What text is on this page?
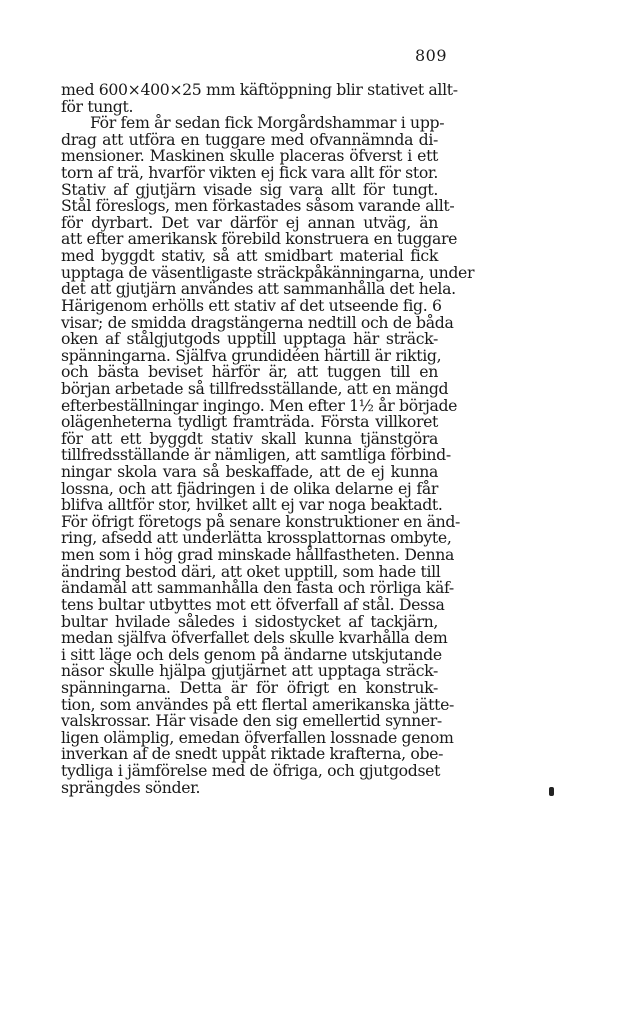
809
med 600×400×25 mm käftöppning blir stativet allt-
för tungt.
För fem år sedan fick Morgårdshammar i upp-
drag att utföra en tuggare med ofvannämnda di-
mensioner. Maskinen skulle placeras öfverst i ett
torn af trä, hvarför vikten ej fick vara allt för stor.
Stativ af gjutjärn visade sig vara allt för tungt.
Stål föreslogs, men förkastades såsom varande allt-
för dyrbart. Det var därför ej annan utväg, än
att efter amerikansk förebild konstruera en tuggare
med byggdt stativ, så att smidbart material fick
upptaga de väsentligaste sträckpåkänningarna, under
det att gjutjärn användes att sammanhålla det hela.
Härigenom erhölls ett stativ af det utseende fig. 6
visar; de smidda dragstängerna nedtill och de båda
oken af stålgjutgods upptill upptaga här sträck-
spänningarna. Själfva grundidéen härtill är riktig,
och bästa beviset härför är, att tuggen till en
början arbetade så tillfredsställande, att en mängd
efterbeställningar ingingo. Men efter 1½ år började
olägenheterna tydligt framträda. Första villkoret
för att ett byggdt stativ skall kunna tjänstgöra
tillfredsställande är nämligen, att samtliga förbind-
ningar skola vara så beskaffade, att de ej kunna
lossna, och att fjädringen i de olika delarne ej får
blifva alltför stor, hvilket allt ej var noga beaktadt.
För öfrigt företogs på senare konstruktioner en änd-
ring, afsedd att underlätta krossplattornas ombyte,
men som i hög grad minskade hållfastheten. Denna
ändring bestod däri, att oket upptill, som hade till
ändamål att sammanhålla den fasta och rörliga käf-
tens bultar utbyttes mot ett öfverfall af stål. Dessa
bultar hvilade således i sidostycket af tackjärn,
medan själfva öfverfallet dels skulle kvarhålla dem
i sitt läge och dels genom på ändarne utskjutande
näsor skulle hjälpa gjutjärnet att upptaga sträck-
spänningarna. Detta är för öfrigt en konstruk-
tion, som användes på ett flertal amerikanska jätte-
valskrossar. Här visade den sig emellertid synner-
ligen olämplig, emedan öfverfallen lossnade genom
inverkan af de snedt uppåt riktade krafterna, obe-
tydliga i jämförelse med de öfriga, och gjutgodset
sprängdes sönder.
